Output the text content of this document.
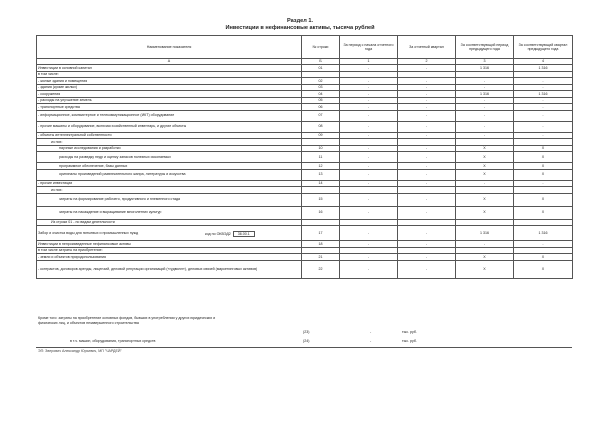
Раздел 1.
Инвестиции в нефинансовые активы, тысяча рублей
Наименование показателя	№ строки	За период с начала отчетного года	За отчетный квартал	За соответствующий период предыдущего года	За соответствующий квартал предыдущего года
А	Б	1	2	3	4
Инвестиции в основной капитал	01	-	-	1 316	1 316
в том числе:					
- жилые здания и помещения	02	-	-	-	-
- здания (кроме жилых)	03	-	-	-	-
- сооружения	04	-	-	1 316	1 316
- расходы на улучшение земель	05	-	-	-	-
- транспортные средства	06	-	-	-	-
- информационное, компьютерное и телекоммуникационное (ИКТ) оборудование	07	-	-	-	-
- прочие машины и оборудование, включая хозяйственный инвентарь, и другие объекты	08	-	-	-	-
- объекты интеллектуальной собственности	09	-	-	-	-
из них:					
научные исследования и разработки	10	-	-	X	X
расходы на разведку недр и оценку запасов полезных ископаемых	11	-	-	X	X
программное обеспечение, базы данных	12	-	-	X	X
оригиналы произведений развлекательного жанра, литературы и искусства	13	-	-	X	X
- прочие инвестиции	14	-	-	-	-
из них:					
затраты на формирование рабочего, продуктивного и племенного стада	15	-	-	X	X
затраты на насаждение и выращивание многолетних культур	16	-	-	X	X
Из строки 01 - по видам деятельности					
Забор и очистка воды для питьевых и промышленных нужд код по ОКВЭД2 36.00.1	17	-	-	1 316	1 316
Инвестиции в непроизведенные нефинансовые активы	18	-	-	-	-
в том числе затраты на приобретение:					
- земли и объектов природопользования	21	-	-	X	X
- контрактов, договоров аренды, лицензий, деловой репутации организаций («гудвилл»), деловых связей (маркетинговых активов)	22	-	-	X	X
Кроме того: затраты на приобретение основных фондов, бывших в употреблении у других юридических и физических лиц, и объектов незавершенного строительства
(23)	-	тыс. руб.
в т.ч. машин, оборудования, транспортных средств	(24)	-	тыс. руб.
ЭП: Зверович Александр Юрьевич, МП "ЧАРДЕЙ"
